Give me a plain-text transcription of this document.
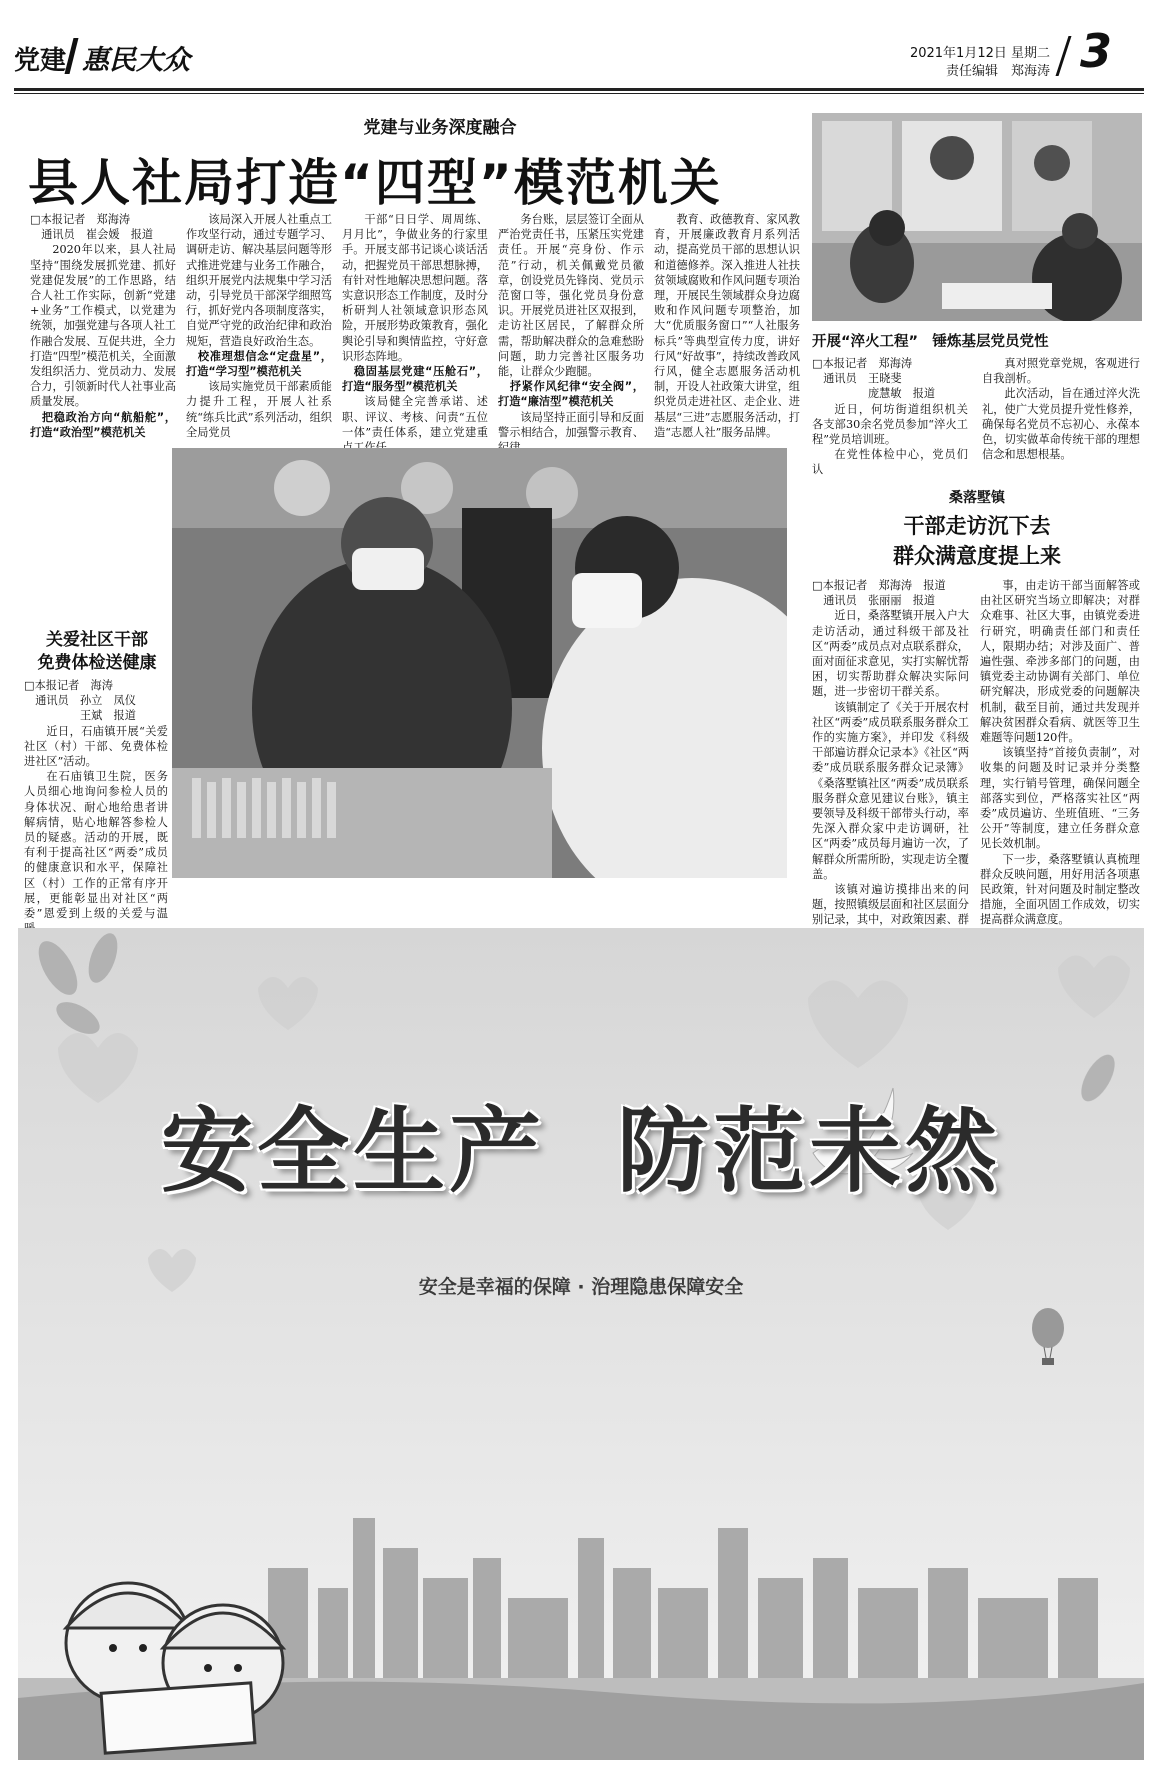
党建 惠民大众	2021年1月12日 星期二
责任编辑　郑海涛 3
党建与业务深度融合
县人社局打造“四型”模范机关

□本报记者　郑海涛

　通讯员　崔会媛　报道

2020年以来，县人社局坚持“围绕发展抓党建、抓好党建促发展”的工作思路，结合人社工作实际，创新“党建+业务”工作模式，以党建为统领，加强党建与各项人社工作融合发展、互促共进，全力打造“四型”模范机关，全面激发组织活力、党员动力、发展合力，引领新时代人社事业高质量发展。

　把稳政治方向“航船舵”，打造“政治型”模范机关

该局深入开展人社重点工作攻坚行动，通过专题学习、调研走访、解决基层问题等形式推进党建与业务工作融合，组织开展党内法规集中学习活动，引导党员干部深学细照笃行，抓好党内各项制度落实，自觉严守党的政治纪律和政治规矩，营造良好政治生态。

　校准理想信念“定盘星”，打造“学习型”模范机关

该局实施党员干部素质能力提升工程，开展人社系统“练兵比武”系列活动，组织全局党员

干部“日日学、周周练、月月比”，争做业务的行家里手。开展支部书记谈心谈话活动，把握党员干部思想脉搏，有针对性地解决思想问题。落实意识形态工作制度，及时分析研判人社领域意识形态风险，开展形势政策教育，强化舆论引导和舆情监控，守好意识形态阵地。

　稳固基层党建“压舱石”，打造“服务型”模范机关

该局健全完善承诺、述职、评议、考核、问责“五位一体”责任体系，建立党建重

务台账，层层签订全面从严治党责任书，压紧压实党建责任。开展“亮身份、作示范”行动，机关佩戴党员徽章，创设党员先锋岗、党员示范窗口等，强化党员身份意识。开展党员进社区双报到，走访社区居民，了解群众所需，帮助解决群众的急难愁盼问题，助力完善社区服务功能，让群众少跑腿。

　抒紧作风纪律“安全阀”，打造“廉洁型”模范机关

该局坚持正面引导和反面警示相结合，加强警示教育、

教育、政德教育、家风教育，开展廉政教育月系列活动，提高党员干部的思想认识和道德修养。深入推进人社扶贫领域腐败和作风问题专项治理，开展民生领域群众身边腐败和作风问题专项整治，加大“优质服务窗口”“人社服务标兵”等典型宣传力度，讲好行风“好故事”，持续改善政风行风，健全志愿服务活动机制，开设人社政策大讲堂，组织党员走进社区、走企业、进基层“三进”志愿服务活动，打造“志愿人社”服务品牌。

开展“淬火工程”　锤炼基层党员党性

□本报记者　郑海涛

　通讯员　王晓斐

　　　　　庞慧敏　报道

近日，何坊街道组织机关各支部30余名党员参加“淬火工程”党员培训班。

在党性体检中心，党员们认

真对照党章党规，客观进行自我剖析。

此次活动，旨在通过淬火洗礼，使广大党员提升党性修养，确保每名党员不忘初心、永葆本色，切实做革命传统干部的理想信念和思想根基。

关爱社区干部
免费体检送健康

□本报记者　海涛

　通讯员　孙立　凤仪

　　　　　王斌　报道

近日，石庙镇开展“关爱社区（村）干部、免费体检进社区”活动。

在石庙镇卫生院，医务人员细心地询问参检人员的身体状况、耐心地给患者讲解病情，贴心地解答参检人员的疑惑。活动的开展，既有利于提高社区“两委”成员的健康意识和水平，保障社区（村）工作的正常有序开展，更能彰显出对社区“两委”恩爱到上级的关爱与温

桑落墅镇
干部走访沉下去
群众满意度提上来

□本报记者　郑海涛　报道

　通讯员　张丽丽　报道

近日，桑落墅镇开展入户大走访活动，通过科级干部及社区“两委”成员点对点联系群众，面对面征求意见，实打实解忧帮困，切实帮助群众解决实际问题，进一步密切干群关系。

该镇制定了《关于开展农村社区“两委”成员联系服务群众工作的实施方案》，并印发《科级干部遍访群众记录本》《社区“两委”成员联系服务群众记录簿》《桑落墅镇社区“两委”成员联系服务群众意见建议台账》，镇主要领导及科级干部带头行动，率先深入群众家中走访调研，社区“两委”成员每月遍访一次，了解群众所需所盼，实现走访全覆盖。

该镇对遍访摸排出来的问题，按照镇级层面和社区层面分别记录，其中，对政策因素、群

事，由走访干部当面解答或由社区研究当场立即解决；对群众难事、社区大事，由镇党委进行研究，明确责任部门和责任人，限期办结；对涉及面广、普遍性强、牵涉多部门的问题，由镇党委主动协调有关部门、单位研究解决，形成党委的问题解决机制，截至目前，通过共发现并解决贫困群众看病、就医等卫生难题等问题120件。

该镇坚持“首接负责制”，对收集的问题及时记录并分类整理，实行销号管理，确保问题全部落实到位，严格落实社区“两委”成员遍访、坐班值班、“三务公开”等制度，建立任务群众意见长效机制。

下一步，桑落墅镇认真梳理群众反映问题，用好用活各项惠民政策，针对问题及时制定整改措施，全面巩固工作成效，切实提高群众满意度。

安全生产  防范未然
安全是幸福的保障 · 治理隐患保障安全
